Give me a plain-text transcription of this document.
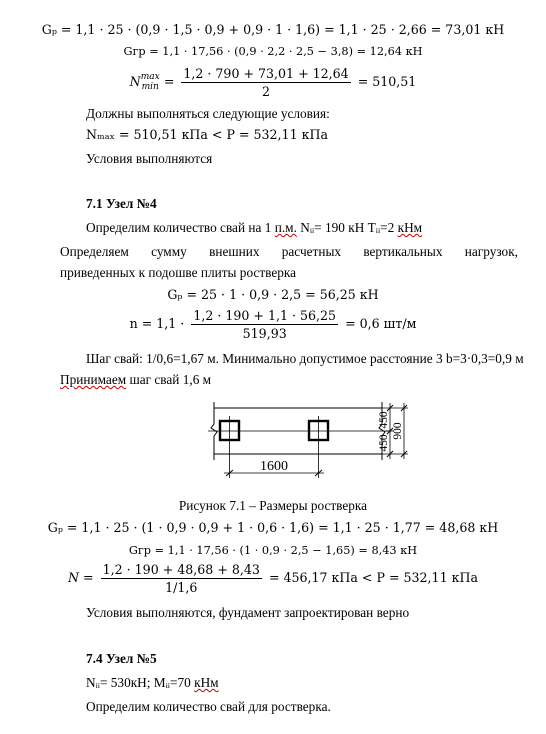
Gₚ = 1,1 · 25 · (0,9 · 1,5 · 0,9 + 0,9 · 1 · 1,6) = 1,1 · 25 · 2,66 = 73,01 кН
Gгр = 1,1 · 17,56 · (0,9 · 2,2 · 2,5 − 3,8) = 12,64 кН
N max
$\min = \frac{1,2 \cdot 790 + 73,01 + 12,64}{2} = 510,51$
Должны выполняться следующие условия:
Nₘₐₓ = 510,51 кПа < P = 532,11 кПа
Условия выполняются
7.1 Узел №4
Определим количество свай на 1 п.м. Nᵢᵢ= 190 кН Tᵢᵢ=2 кНм
Определяем сумму внешних расчетных вертикальных нагрузок,
приведенных к подошве плиты ростверка
Gₚ = 25 · 1 · 0,9 · 2,5 = 56,25 кН
$n = 1,1 \cdot \frac{1,2 \cdot 190 + 1,1 \cdot 56,25}{519,93} = 0,6$ шт/м
Шаг свай: 1/0,6=1,67 м. Минимально допустимое расстояние 3 b=3·0,3=0,9 м
Принимаем шаг свай 1,6 м
1600
450
450
900
Рисунок 7.1 – Размеры ростверка
Gₚ = 1,1 · 25 · (1 · 0,9 · 0,9 + 1 · 0,6 · 1,6) = 1,1 · 25 · 1,77 = 48,68 кН
Gгр = 1,1 · 17,56 · (1 · 0,9 · 2,5 − 1,65) = 8,43 кН
$N = \frac{1,2 \cdot 190 + 48,68 + 8,43}{1/1,6} = 456,17$ кПа < P = 532,11 кПа
Условия выполняются, фундамент запроектирован верно
7.4 Узел №5
Nᵢᵢ= 530кН; Mᵢᵢ=70 кНм
Определим количество свай для ростверка.
